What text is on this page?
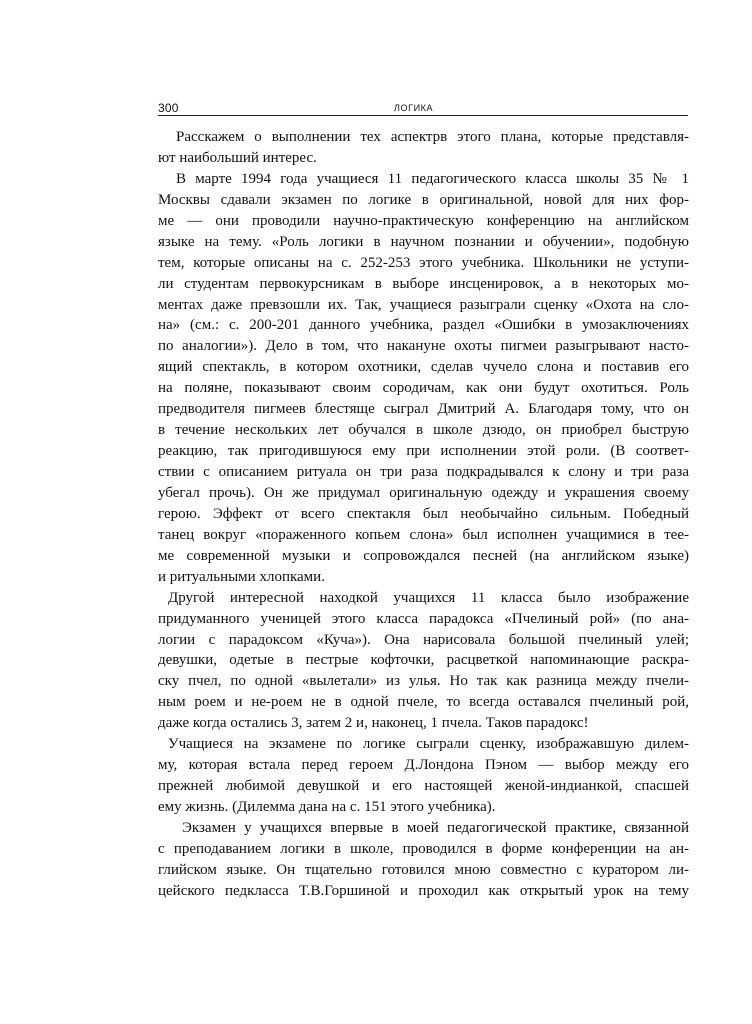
300	ЛОГИКА
Расскажем о выполнении тех аспектрв этого плана, которые представля-
ют наибольший интерес.
В марте 1994 года учащиеся 11 педагогического класса школы 35 № 1
Москвы сдавали экзамен по логике в оригинальной, новой для них фор-
ме — они проводили научно-практическую конференцию на английском
языке на тему. «Роль логики в научном познании и обучении», подобную
тем, которые описаны на с. 252-253 этого учебника. Школьники не уступи-
ли студентам первокурсникам в выборе инсценировок, а в некоторых мо-
ментах даже превзошли их. Так, учащиеся разыграли сценку «Охота на сло-
на» (см.: с. 200-201 данного учебника, раздел «Ошибки в умозаключениях
по аналогии»). Дело в том, что накануне охоты пигмеи разыгрывают насто-
ящий спектакль, в котором охотники, сделав чучело слона и поставив его
на поляне, показывают своим сородичам, как они будут охотиться. Роль
предводителя пигмеев блестяще сыграл Дмитрий А. Благодаря тому, что он
в течение нескольких лет обучался в школе дзюдо, он приобрел быструю
реакцию, так пригодившуюся ему при исполнении этой роли. (В соответ-
ствии с описанием ритуала он три раза подкрадывался к слону и три раза
убегал прочь). Он же придумал оригинальную одежду и украшения своему
герою. Эффект от всего спектакля был необычайно сильным. Победный
танец вокруг «пораженного копьем слона» был исполнен учащимися в тее-
ме современной музыки и сопровождался песней (на английском языке)
и ритуальными хлопками.
Другой интересной находкой учащихся 11 класса было изображение
придуманного ученицей этого класса парадокса «Пчелиный рой» (по ана-
логии с парадоксом «Куча»). Она нарисовала большой пчелиный улей;
девушки, одетые в пестрые кофточки, расцветкой напоминающие раскра-
ску пчел, по одной «вылетали» из улья. Но так как разница между пчели-
ным роем и не-роем не в одной пчеле, то всегда оставался пчелиный рой,
даже когда остались 3, затем 2 и, наконец, 1 пчела. Таков парадокс!
Учащиеся на экзамене по логике сыграли сценку, изображавшую дилем-
му, которая встала перед героем Д.Лондона Пэном — выбор между его
прежней любимой девушкой и его настоящей женой-индианкой, спасшей
ему жизнь. (Дилемма дана на с. 151 этого учебника).
Экзамен у учащихся впервые в моей педагогической практике, связанной
с преподаванием логики в школе, проводился в форме конференции на ан-
глийском языке. Он тщательно готовился мною совместно с куратором ли-
цейского педкласса Т.В.Горшиной и проходил как открытый урок на тему
